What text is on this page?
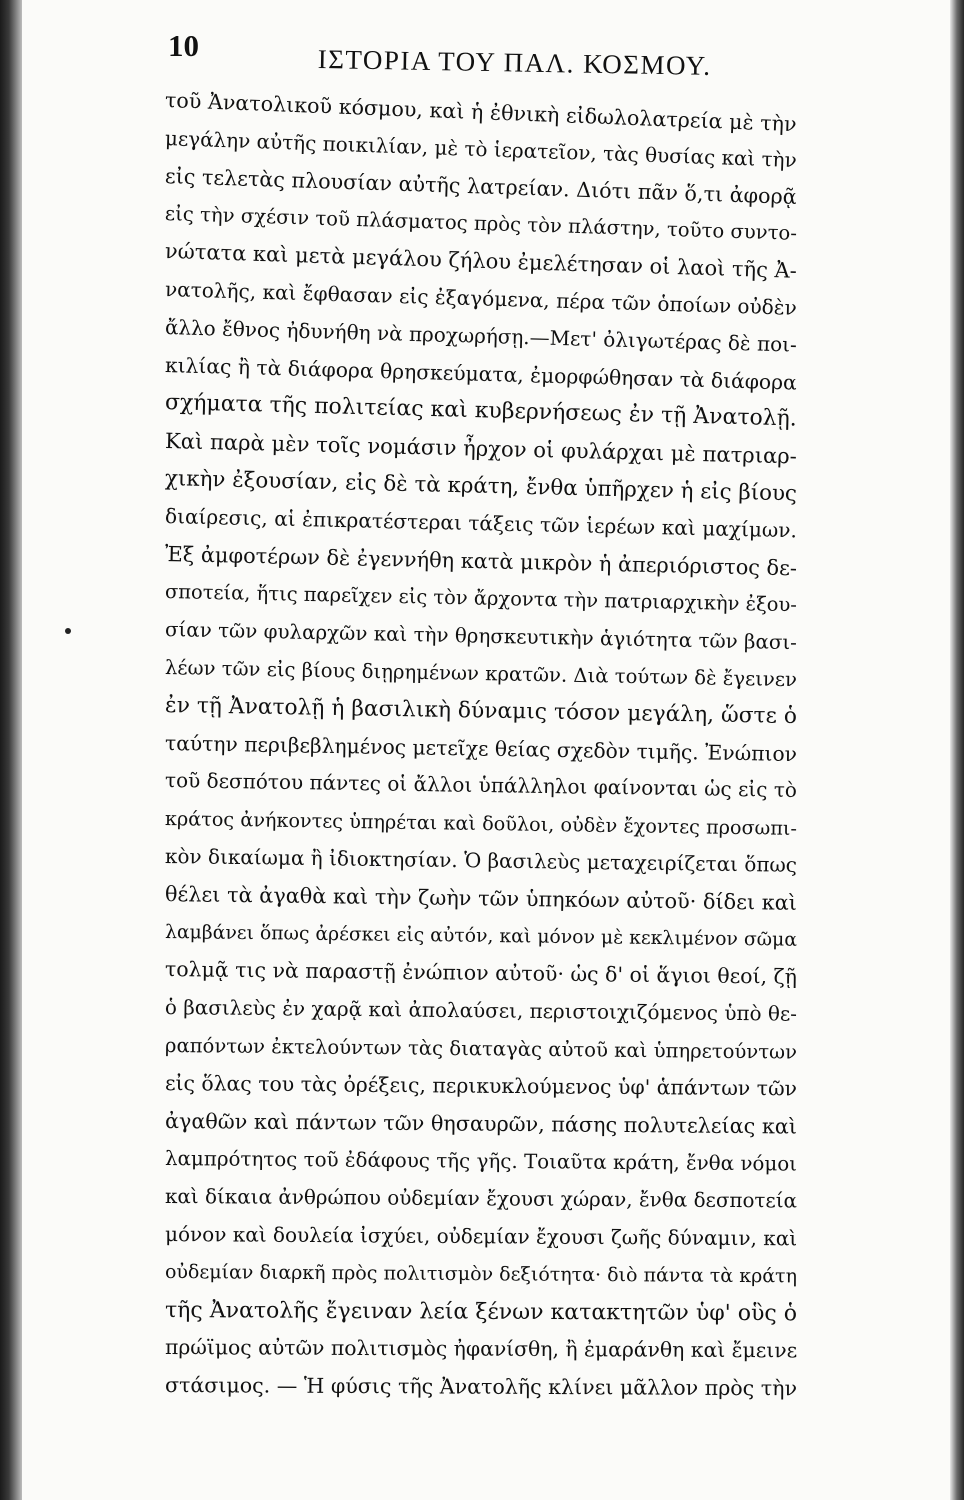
10	ΙΣΤΟΡΙΑ ΤΟΥ ΠΑΛ. ΚΟΣΜΟΥ.
τοῦ Ἀνατολικοῦ κόσμου, καὶ ἡ ἐθνικὴ εἰδωλολατρεία μὲ τὴν
μεγάλην αὐτῆς ποικιλίαν, μὲ τὸ ἱερατεῖον, τὰς θυσίας καὶ τὴν
εἰς τελετὰς πλουσίαν αὐτῆς λατρείαν. Διότι πᾶν ὅ,τι ἀφορᾷ
εἰς τὴν σχέσιν τοῦ πλάσματος πρὸς τὸν πλάστην, τοῦτο συντο-
νώτατα καὶ μετὰ μεγάλου ζήλου ἐμελέτησαν οἱ λαοὶ τῆς Ἀ-
νατολῆς, καὶ ἔφθασαν εἰς ἐξαγόμενα, πέρα τῶν ὁποίων οὐδὲν
ἄλλο ἔθνος ἠδυνήθη νὰ προχωρήσῃ.—Μετ' ὀλιγωτέρας δὲ ποι-
κιλίας ἢ τὰ διάφορα θρησκεύματα, ἐμορφώθησαν τὰ διάφορα
σχήματα τῆς πολιτείας καὶ κυβερνήσεως ἐν τῇ Ἀνατολῇ.
Καὶ παρὰ μὲν τοῖς νομάσιν ἦρχον οἱ φυλάρχαι μὲ πατριαρ-
χικὴν ἐξουσίαν, εἰς δὲ τὰ κράτη, ἔνθα ὑπῆρχεν ἡ εἰς βίους
διαίρεσις, αἱ ἐπικρατέστεραι τάξεις τῶν ἱερέων καὶ μαχίμων.
Ἐξ ἀμφοτέρων δὲ ἐγεννήθη κατὰ μικρὸν ἡ ἀπεριόριστος δε-
σποτεία, ἥτις παρεῖχεν εἰς τὸν ἄρχοντα τὴν πατριαρχικὴν ἐξου-
σίαν τῶν φυλαρχῶν καὶ τὴν θρησκευτικὴν ἁγιότητα τῶν βασι-
λέων τῶν εἰς βίους διῃρημένων κρατῶν. Διὰ τούτων δὲ ἔγεινεν
ἐν τῇ Ἀνατολῇ ἡ βασιλικὴ δύναμις τόσον μεγάλη, ὥστε ὁ
ταύτην περιβεβλημένος μετεῖχε θείας σχεδὸν τιμῆς. Ἐνώπιον
τοῦ δεσπότου πάντες οἱ ἄλλοι ὑπάλληλοι φαίνονται ὡς εἰς τὸ
κράτος ἀνήκοντες ὑπηρέται καὶ δοῦλοι, οὐδὲν ἔχοντες προσωπι-
κὸν δικαίωμα ἢ ἰδιοκτησίαν. Ὁ βασιλεὺς μεταχειρίζεται ὅπως
θέλει τὰ ἀγαθὰ καὶ τὴν ζωὴν τῶν ὑπηκόων αὐτοῦ· δίδει καὶ
λαμβάνει ὅπως ἀρέσκει εἰς αὐτόν, καὶ μόνον μὲ κεκλιμένον σῶμα
τολμᾷ τις νὰ παραστῇ ἐνώπιον αὐτοῦ· ὡς δ' οἱ ἅγιοι θεοί, ζῇ
ὁ βασιλεὺς ἐν χαρᾷ καὶ ἀπολαύσει, περιστοιχιζόμενος ὑπὸ θε-
ραπόντων ἐκτελούντων τὰς διαταγὰς αὐτοῦ καὶ ὑπηρετούντων
εἰς ὅλας του τὰς ὀρέξεις, περικυκλούμενος ὑφ' ἁπάντων τῶν
ἀγαθῶν καὶ πάντων τῶν θησαυρῶν, πάσης πολυτελείας καὶ
λαμπρότητος τοῦ ἐδάφους τῆς γῆς. Τοιαῦτα κράτη, ἔνθα νόμοι
καὶ δίκαια ἀνθρώπου οὐδεμίαν ἔχουσι χώραν, ἔνθα δεσποτεία
μόνον καὶ δουλεία ἰσχύει, οὐδεμίαν ἔχουσι ζωῆς δύναμιν, καὶ
οὐδεμίαν διαρκῆ πρὸς πολιτισμὸν δεξιότητα· διὸ πάντα τὰ κράτη
τῆς Ἀνατολῆς ἔγειναν λεία ξένων κατακτητῶν ὑφ' οὓς ὁ
πρώϊμος αὐτῶν πολιτισμὸς ἠφανίσθη, ἢ ἐμαράνθη καὶ ἔμεινε
στάσιμος. — Ἡ φύσις τῆς Ἀνατολῆς κλίνει μᾶλλον πρὸς τὴν
